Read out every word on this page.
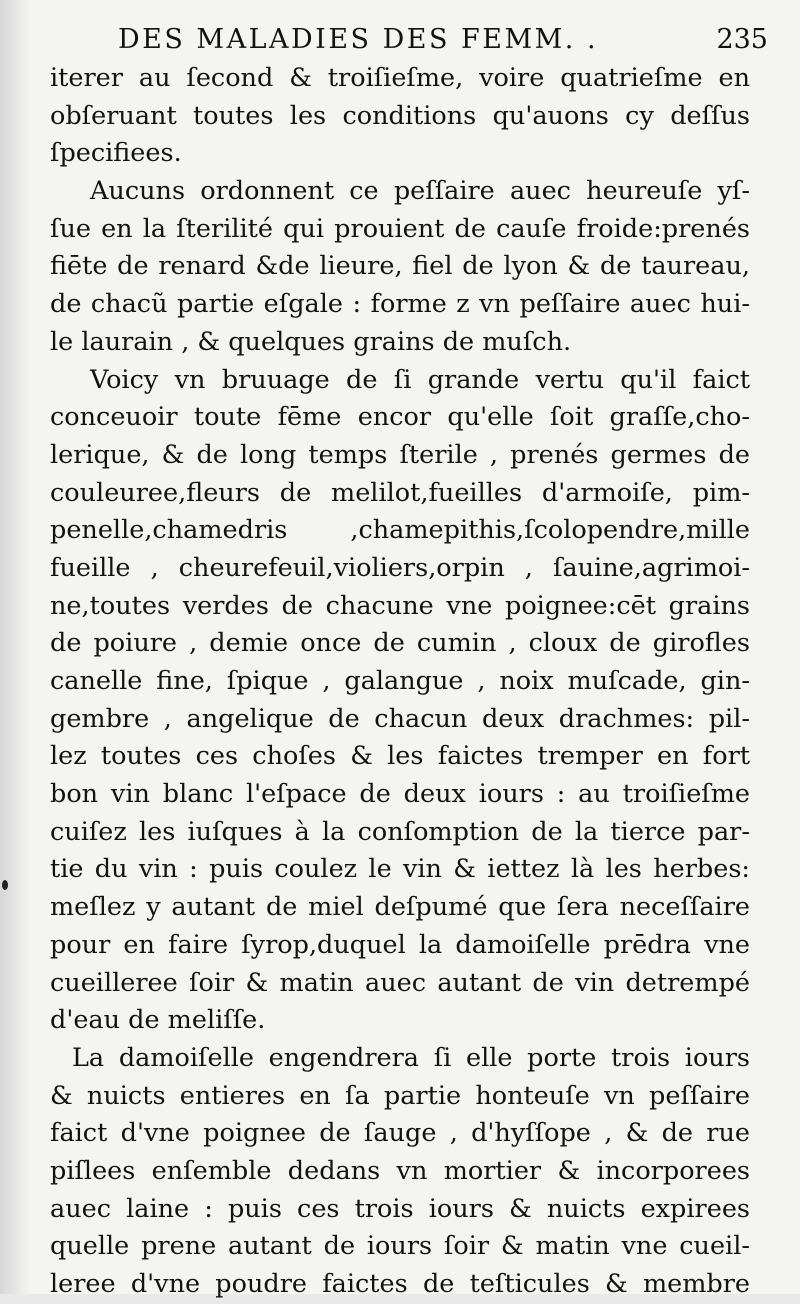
DES MALADIES DES FEMM. .	235
iterer au ſecond & troiſieſme, voire quatrieſme en
obſeruant toutes les conditions qu'auons cy deſſus
ſpecifiees.
Aucuns ordonnent ce peſſaire auec heureuſe yſ-
ſue en la ſterilité qui prouient de cauſe froide:prenés
fiēte de renard &de lieure, fiel de lyon & de taureau,
de chacũ partie eſgale : forme z vn peſſaire auec hui-
le laurain , & quelques grains de muſch.
Voicy vn bruuage de ſi grande vertu qu'il faict
conceuoir toute fēme encor qu'elle ſoit graſſe,cho-
lerique, & de long temps ſterile , prenés germes de
couleuree,fleurs de melilot,fueilles d'armoiſe, pim-
penelle,chamedris ,chamepithis,ſcolopendre,mille
fueille , cheurefeuil,violiers,orpin , ſauine,agrimoi-
ne,toutes verdes de chacune vne poignee:cēt grains
de poiure , demie once de cumin , cloux de girofles
canelle fine, ſpique , galangue , noix muſcade, gin-
gembre , angelique de chacun deux drachmes: pil-
lez toutes ces choſes & les faictes tremper en fort
bon vin blanc l'eſpace de deux iours : au troiſieſme
cuiſez les iuſques à la conſomption de la tierce par-
tie du vin : puis coulez le vin & iettez là les herbes:
meſlez y autant de miel deſpumé que ſera neceſſaire
pour en faire ſyrop,duquel la damoiſelle prēdra vne
cueilleree ſoir & matin auec autant de vin detrempé
d'eau de meliſſe.
La damoiſelle engendrera ſi elle porte trois iours
& nuicts entieres en ſa partie honteuſe vn peſſaire
faict d'vne poignee de ſauge , d'hyſſope , & de rue
piſlees enſemble dedans vn mortier & incorporees
auec laine : puis ces trois iours & nuicts expirees
quelle prene autant de iours ſoir & matin vne cueil-
leree d'vne poudre faictes de teſticules & membre
